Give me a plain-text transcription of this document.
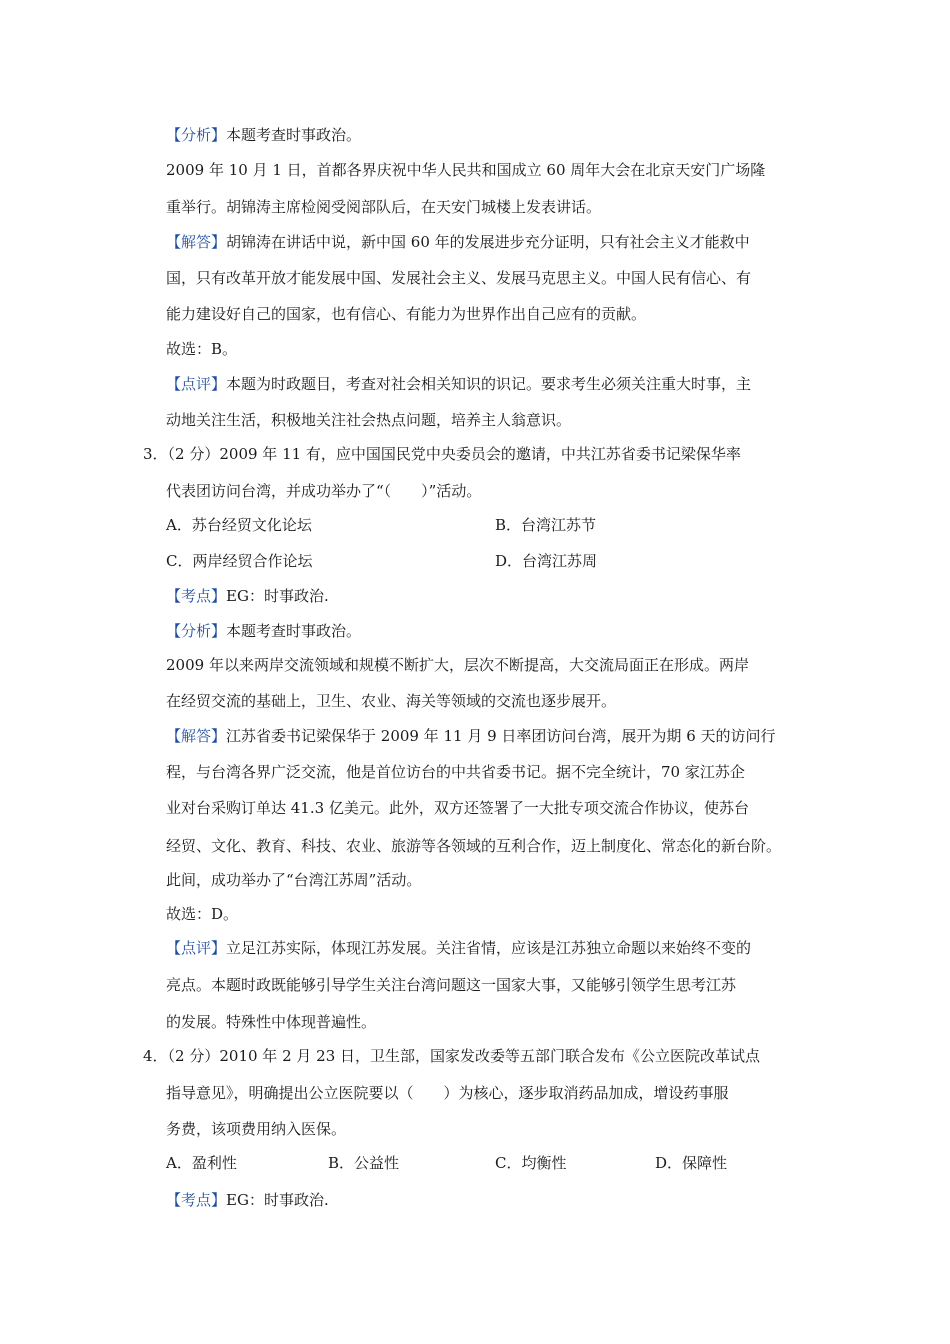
【分析】本题考查时事政治。
2009 年 10 月 1 日，首都各界庆祝中华人民共和国成立 60 周年大会在北京天安门广场隆
重举行。胡锦涛主席检阅受阅部队后，在天安门城楼上发表讲话。
【解答】胡锦涛在讲话中说，新中国 60 年的发展进步充分证明，只有社会主义才能救中
国，只有改革开放才能发展中国、发展社会主义、发展马克思主义。中国人民有信心、有
能力建设好自己的国家，也有信心、有能力为世界作出自己应有的贡献。
故选：B。
【点评】本题为时政题目，考查对社会相关知识的识记。要求考生必须关注重大时事，主
动地关注生活，积极地关注社会热点问题，培养主人翁意识。
3．（2 分）2009 年 11 有，应中国国民党中央委员会的邀请，中共江苏省委书记梁保华率
代表团访问台湾，并成功举办了“（　　）”活动。
A．苏台经贸文化论坛	B．台湾江苏节
C．两岸经贸合作论坛	D．台湾江苏周
【考点】EG：时事政治.
【分析】本题考查时事政治。
2009 年以来两岸交流领域和规模不断扩大，层次不断提高，大交流局面正在形成。两岸
在经贸交流的基础上，卫生、农业、海关等领域的交流也逐步展开。
【解答】江苏省委书记梁保华于 2009 年 11 月 9 日率团访问台湾，展开为期 6 天的访问行
程，与台湾各界广泛交流，他是首位访台的中共省委书记。据不完全统计，70 家江苏企
业对台采购订单达 41.3 亿美元。此外，双方还签署了一大批专项交流合作协议，使苏台
经贸、文化、教育、科技、农业、旅游等各领域的互利合作，迈上制度化、常态化的新台阶。
此间，成功举办了“台湾江苏周”活动。
故选：D。
【点评】立足江苏实际，体现江苏发展。关注省情，应该是江苏独立命题以来始终不变的
亮点。本题时政既能够引导学生关注台湾问题这一国家大事，又能够引领学生思考江苏
的发展。特殊性中体现普遍性。
4．（2 分）2010 年 2 月 23 日，卫生部，国家发改委等五部门联合发布《公立医院改革试点
指导意见》，明确提出公立医院要以（　　）为核心，逐步取消药品加成，增设药事服
务费，该项费用纳入医保。
A．盈利性	B．公益性	C．均衡性	D．保障性
【考点】EG：时事政治.
